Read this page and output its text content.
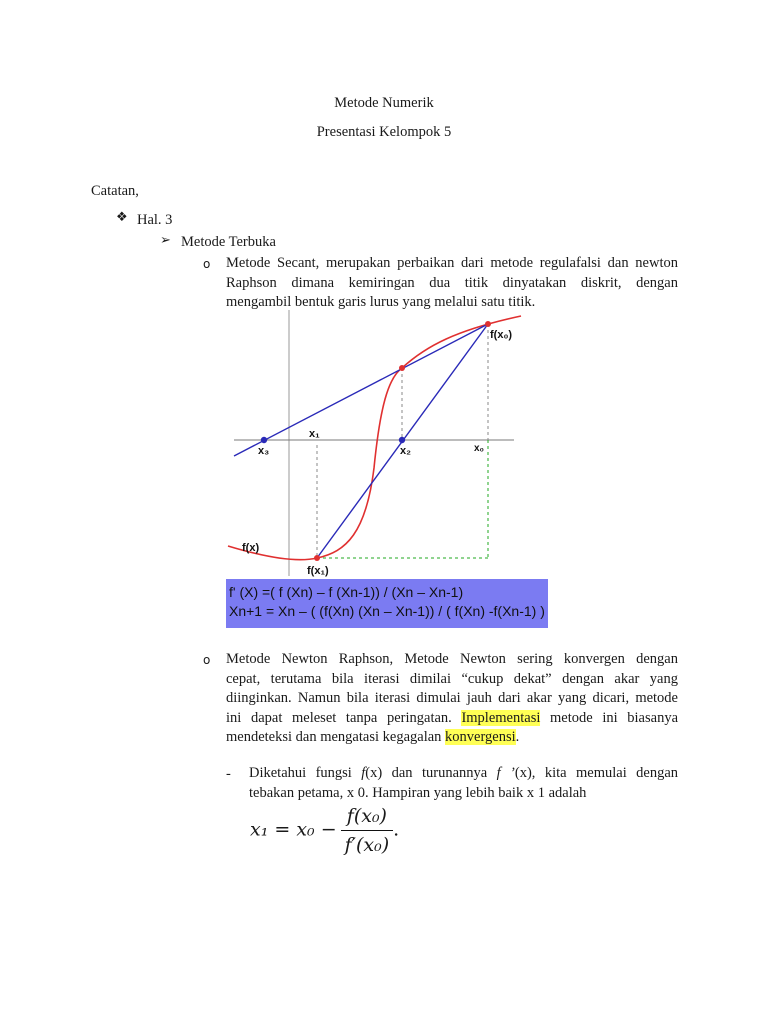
Metode Numerik
Presentasi Kelompok 5
Catatan,
❖ Hal. 3
➢ Metode Terbuka
o Metode Secant, merupakan perbaikan dari metode regulafalsi dan newton
Raphson dimana kemiringan dua titik dinyatakan diskrit, dengan
mengambil bentuk garis lurus yang melalui satu titik.
f(x₀)
x₁
x₃	x₂	x₀
f(x)
f(x₁)
f' (X) =( f (Xn) – f (Xn-1)) / (Xn – Xn-1)
Xn+1 = Xn – ( (f(Xn) (Xn – Xn-1)) / ( f(Xn) -f(Xn-1) )
o Metode Newton Raphson, Metode Newton sering konvergen dengan
cepat, terutama bila iterasi dimilai “cukup dekat” dengan akar yang
diinginkan. Namun bila iterasi dimulai jauh dari akar yang dicari, metode
ini dapat meleset tanpa peringatan. Implementasi metode ini biasanya
mendeteksi dan mengatasi kegagalan konvergensi.
- Diketahui fungsi f(x) dan turunannya f ’(x), kita memulai dengan
tebakan petama, x 0. Hampiran yang lebih baik x 1 adalah
$x_1 = x_0 - \frac{\text{f(x₀)}}{\text{f′(x₀)}}$ .
